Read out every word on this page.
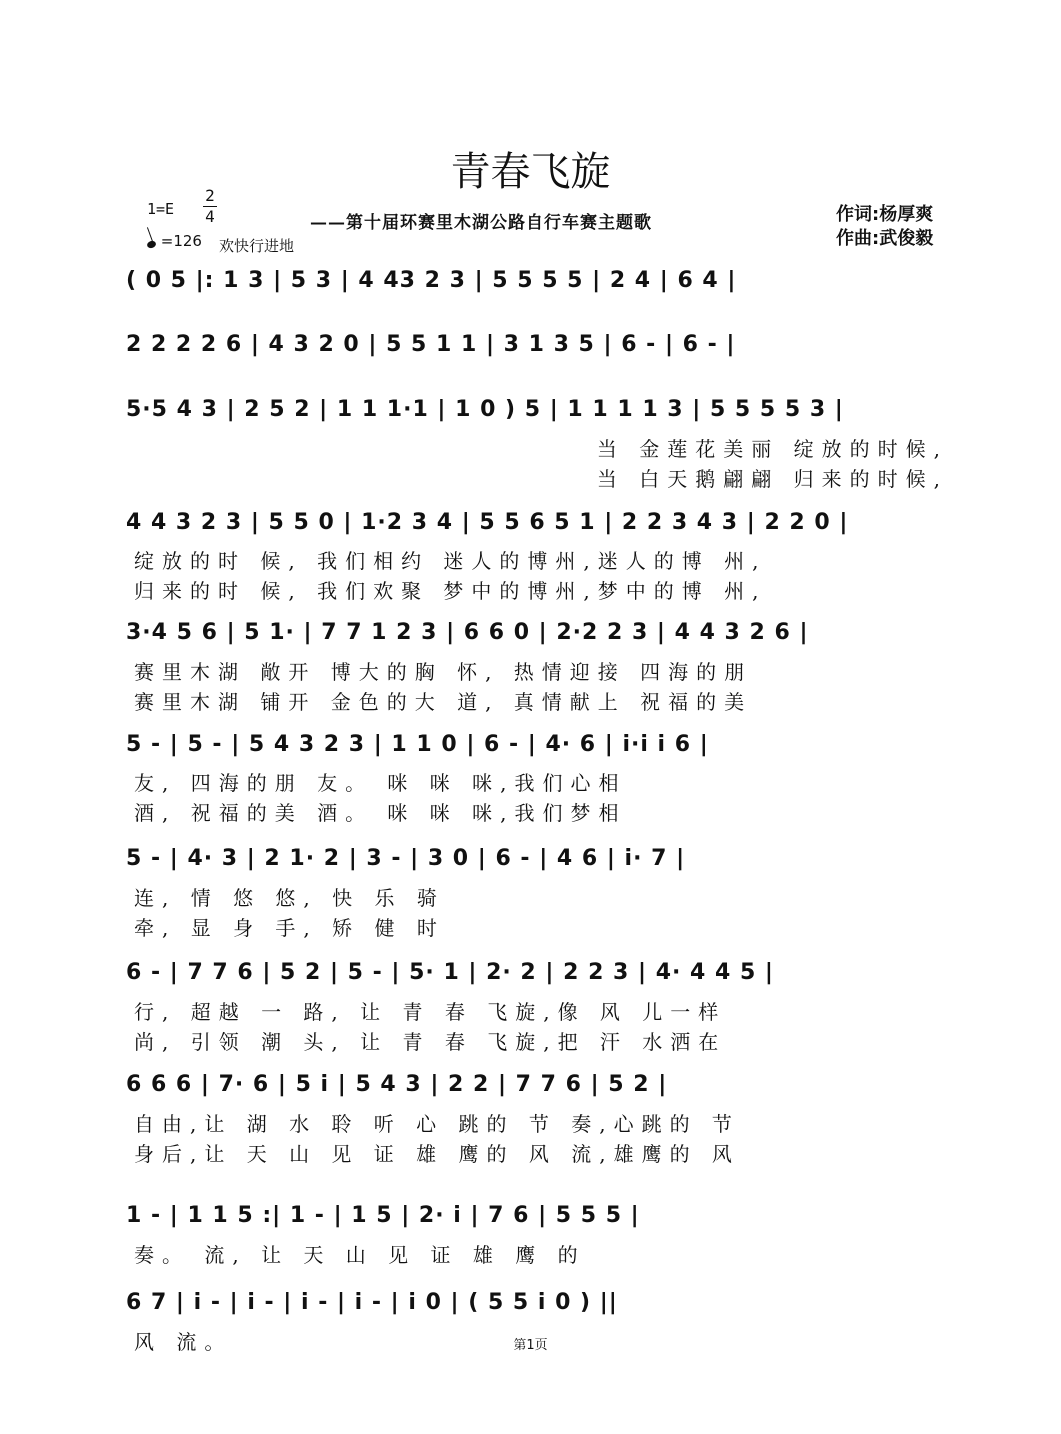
青春飞旋
——第十届环赛里木湖公路自行车赛主题歌	作词:杨厚爽
作曲:武俊毅
1=E
2
4
=126 欢快行进地
( 0 5 |: 1 3 | 5 3 | 4 43 2 3 | 5 5 5 5 | 2 4 | 6 4 |
2 2 2 2 6 | 4 3 2 0 | 5 5 1 1 | 3 1 3 5 | 6 - | 6 - |
5·5 4 3 | 2 5 2 | 1 1 1·1 | 1 0 ) 5 | 1 1 1 1 3 | 5 5 5 5 3 |
当 金莲花美丽 绽放的时候,
当 白天鹅翩翩 归来的时候,
4 4 3 2 3 | 5 5 0 | 1·2 3 4 | 5 5 6 5 1 | 2 2 3 4 3 | 2 2 0 |
绽放的时 候, 我们相约 迷人的博州,迷人的博 州,
归来的时 候, 我们欢聚 梦中的博州,梦中的博 州,
3·4 5 6 | 5 1· | 7 7 1 2 3 | 6 6 0 | 2·2 2 3 | 4 4 3 2 6 |
赛里木湖 敞开 博大的胸 怀, 热情迎接 四海的朋
赛里木湖 铺开 金色的大 道, 真情献上 祝福的美
5 - | 5 - | 5 4 3 2 3 | 1 1 0 | 6 - | 4· 6 | i·i i 6 |
友, 四海的朋 友。 咪 咪 咪,我们心相
酒, 祝福的美 酒。 咪 咪 咪,我们梦相
5 - | 4· 3 | 2 1· 2 | 3 - | 3 0 | 6 - | 4 6 | i· 7 |
连, 情 悠 悠, 快 乐 骑
牵, 显 身 手, 矫 健 时
6 - | 7 7 6 | 5 2 | 5 - | 5· 1 | 2· 2 | 2 2 3 | 4· 4 4 5 |
行, 超越 一 路, 让 青 春 飞旋,像 风 儿一样
尚, 引领 潮 头, 让 青 春 飞旋,把 汗 水洒在
6 6 6 | 7· 6 | 5 i | 5 4 3 | 2 2 | 7 7 6 | 5 2 |
自由,让 湖 水 聆 听 心 跳的 节 奏,心跳的 节
身后,让 天 山 见 证 雄 鹰的 风 流,雄鹰的 风
1 - | 1 1 5 :| 1 - | 1 5 | 2· i | 7 6 | 5 5 5 |
奏。 流, 让 天 山 见 证 雄 鹰 的
6 7 | i - | i - | i - | i - | i 0 | ( 5 5 i 0 ) ||
风 流。	第1页
